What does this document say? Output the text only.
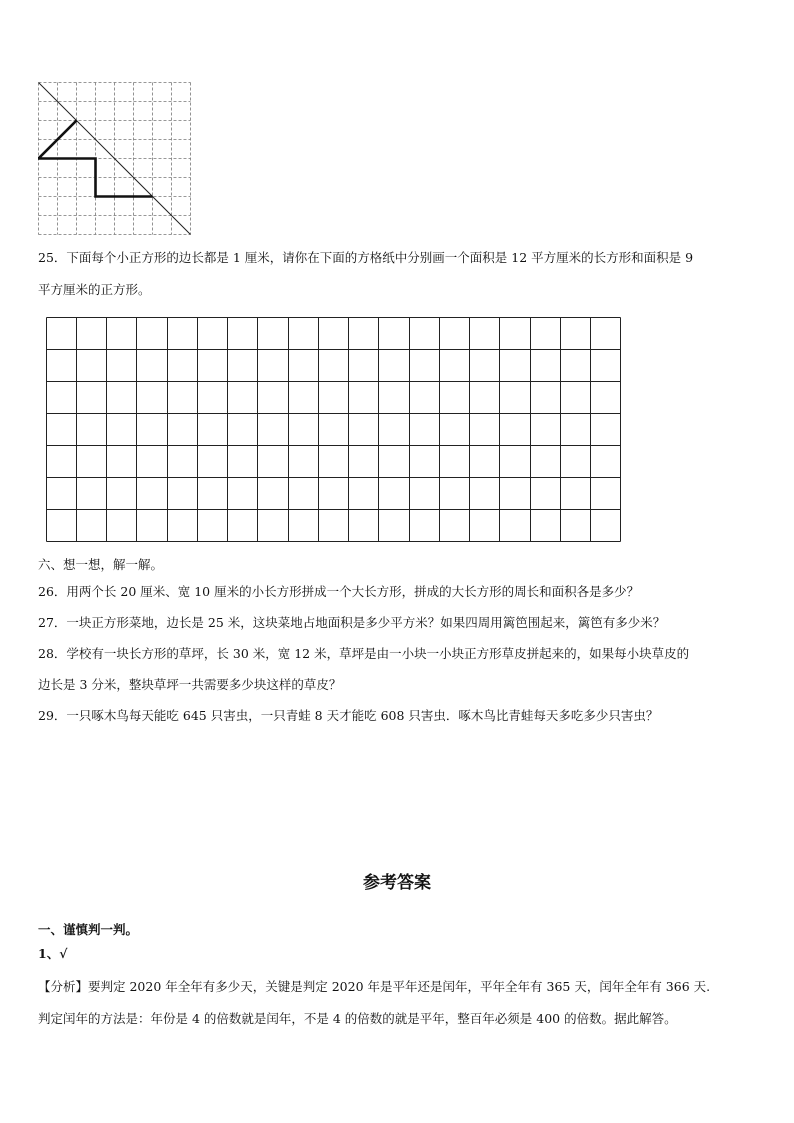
25．下面每个小正方形的边长都是 1 厘米，请你在下面的方格纸中分别画一个面积是 12 平方厘米的长方形和面积是 9
平方厘米的正方形。
六、想一想，解一解。
26．用两个长 20 厘米、宽 10 厘米的小长方形拼成一个大长方形，拼成的大长方形的周长和面积各是多少？
27．一块正方形菜地，边长是 25 米，这块菜地占地面积是多少平方米？如果四周用篱笆围起来，篱笆有多少米？
28．学校有一块长方形的草坪，长 30 米，宽 12 米，草坪是由一小块一小块正方形草皮拼起来的，如果每小块草皮的
边长是 3 分米，整块草坪一共需要多少块这样的草皮？
29．一只啄木鸟每天能吃 645 只害虫，一只青蛙 8 天才能吃 608 只害虫．啄木鸟比青蛙每天多吃多少只害虫？
参考答案
一、谨慎判一判。
1、√
【分析】要判定 2020 年全年有多少天，关键是判定 2020 年是平年还是闰年，平年全年有 365 天，闰年全年有 366 天.
判定闰年的方法是：年份是 4 的倍数就是闰年，不是 4 的倍数的就是平年，整百年必须是 400 的倍数。据此解答。
